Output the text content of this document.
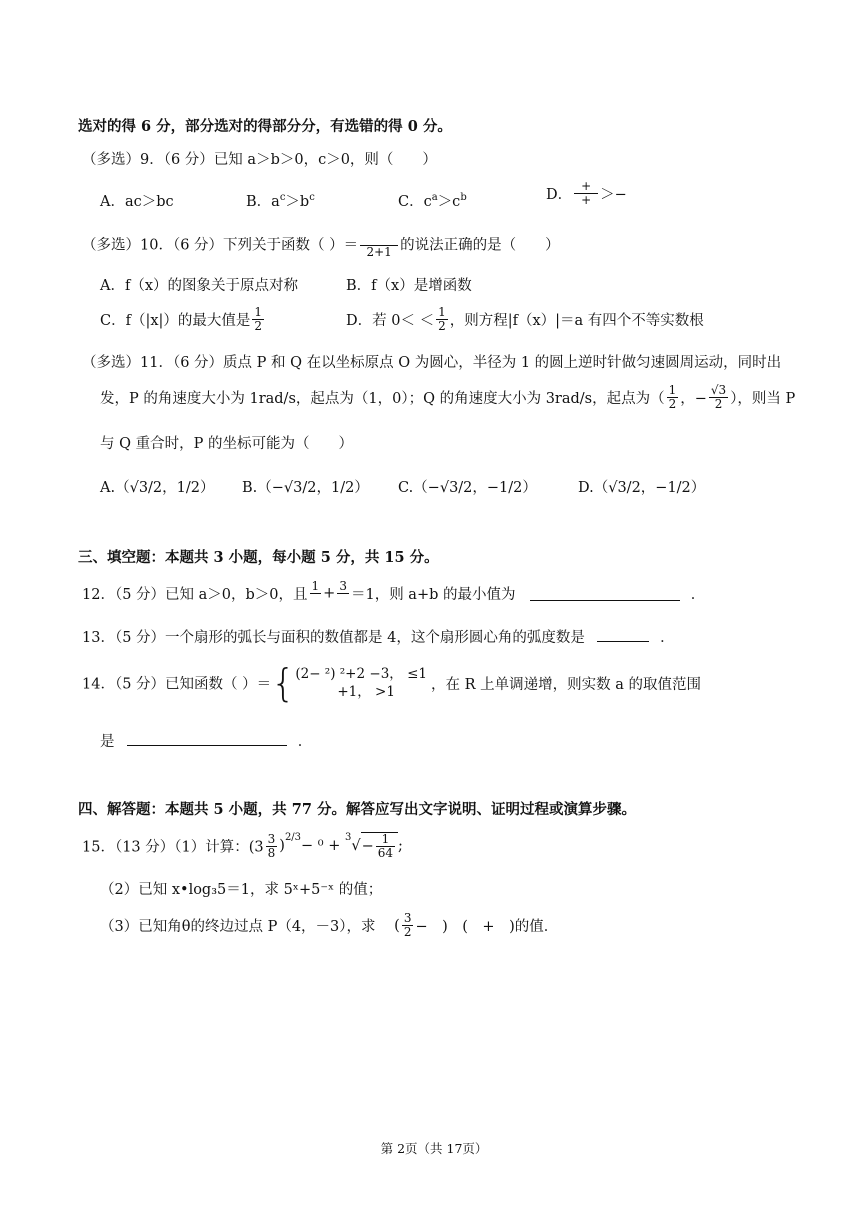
选对的得 6 分，部分选对的得部分分，有选错的得 0 分。
（多选）9．（6 分）已知 a＞b＞0，c＞0，则（　　）
A．ac＞bc	B．$a^c>b^c$	C．$c^a>c^b$	D． $\frac{+}{+}$ ＞−
（多选）10．（6 分）下列关于函数（ ）＝
2+1 的说法正确的是（　　）
A．f（x）的图象关于原点对称	B．f（x）是增函数
C．f（|x|）的最大值是 $\frac{1}{2}$	D．若 $0< < \frac{1}{2}$ ，则方程|f（x）|＝a 有四个不等实数根
（多选）11．（6 分）质点 P 和 Q 在以坐标原点 O 为圆心，半径为 1 的圆上逆时针做匀速圆周运动，同时出
发，P 的角速度大小为 1rad/s，起点为（1，0）；Q 的角速度大小为 3rad/s，起点为（ $\frac{1}{2}$ ，− $\frac{√3}{2}$ ），则当 P
与 Q 重合时，P 的坐标可能为（　　）
A.（√3/2，1/2） B.（−√3/2，1/2） C.（−√3/2，−1/2）	D.（√3/2，−1/2）
三、填空题：本题共 3 小题，每小题 5 分，共 15 分。
12．（5 分）已知 a＞0，b＞0，且
1
+ 3

＝1，则 a+b 的最小值为	．
13．（5 分）一个扇形的弧长与面积的数值都是 4，这个扇形圆心角的弧度数是	．
14．（5 分）已知函数（ ）＝{ (2− ²) ²+2 −3， ≤1
+1， >1	，在 R 上单调递增，则实数 a 的取值范围
是	．
四、解答题：本题共 5 小题，共 77 分。解答应写出文字说明、证明过程或演算步骤。
15．（13 分）（1）计算：$(3 \frac{3}{8} )^{2/3}- ^0 + ^3√- \frac{1}{64}$ ;
（2）已知 x•log₃5＝1，求 5ˣ+5⁻ˣ 的值；
（3）已知角θ的终边过点 P（4，－3），求 ( $\frac{3}{2}$ −　)　(　+　)的值．
第 2页（共 17页）
